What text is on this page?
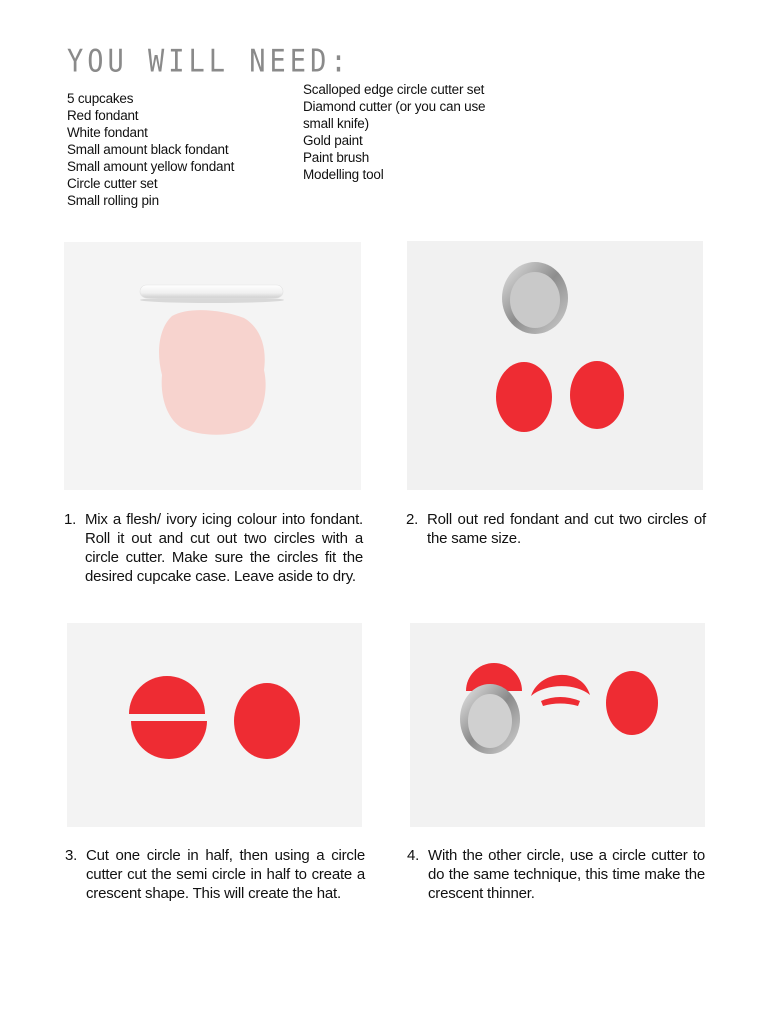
YOU WILL NEED:
5 cupcakes
Red fondant
White fondant
Small amount black fondant
Small amount yellow fondant
Circle cutter set
Small rolling pin
Scalloped edge circle cutter set
Diamond cutter (or you can use
small knife)
Gold paint
Paint brush
Modelling tool
1. Mix a flesh/ ivory icing colour into fondant. Roll it out and cut out two circles with a circle cutter. Make sure the circles fit the desired cupcake case. Leave aside to dry.
2. Roll out red fondant and cut two circles of the same size.
3. Cut one circle in half, then using a circle cutter cut the semi circle in half to create a crescent shape. This will create the hat.
4. With the other circle, use a circle cutter to do the same technique, this time make the crescent thinner.
